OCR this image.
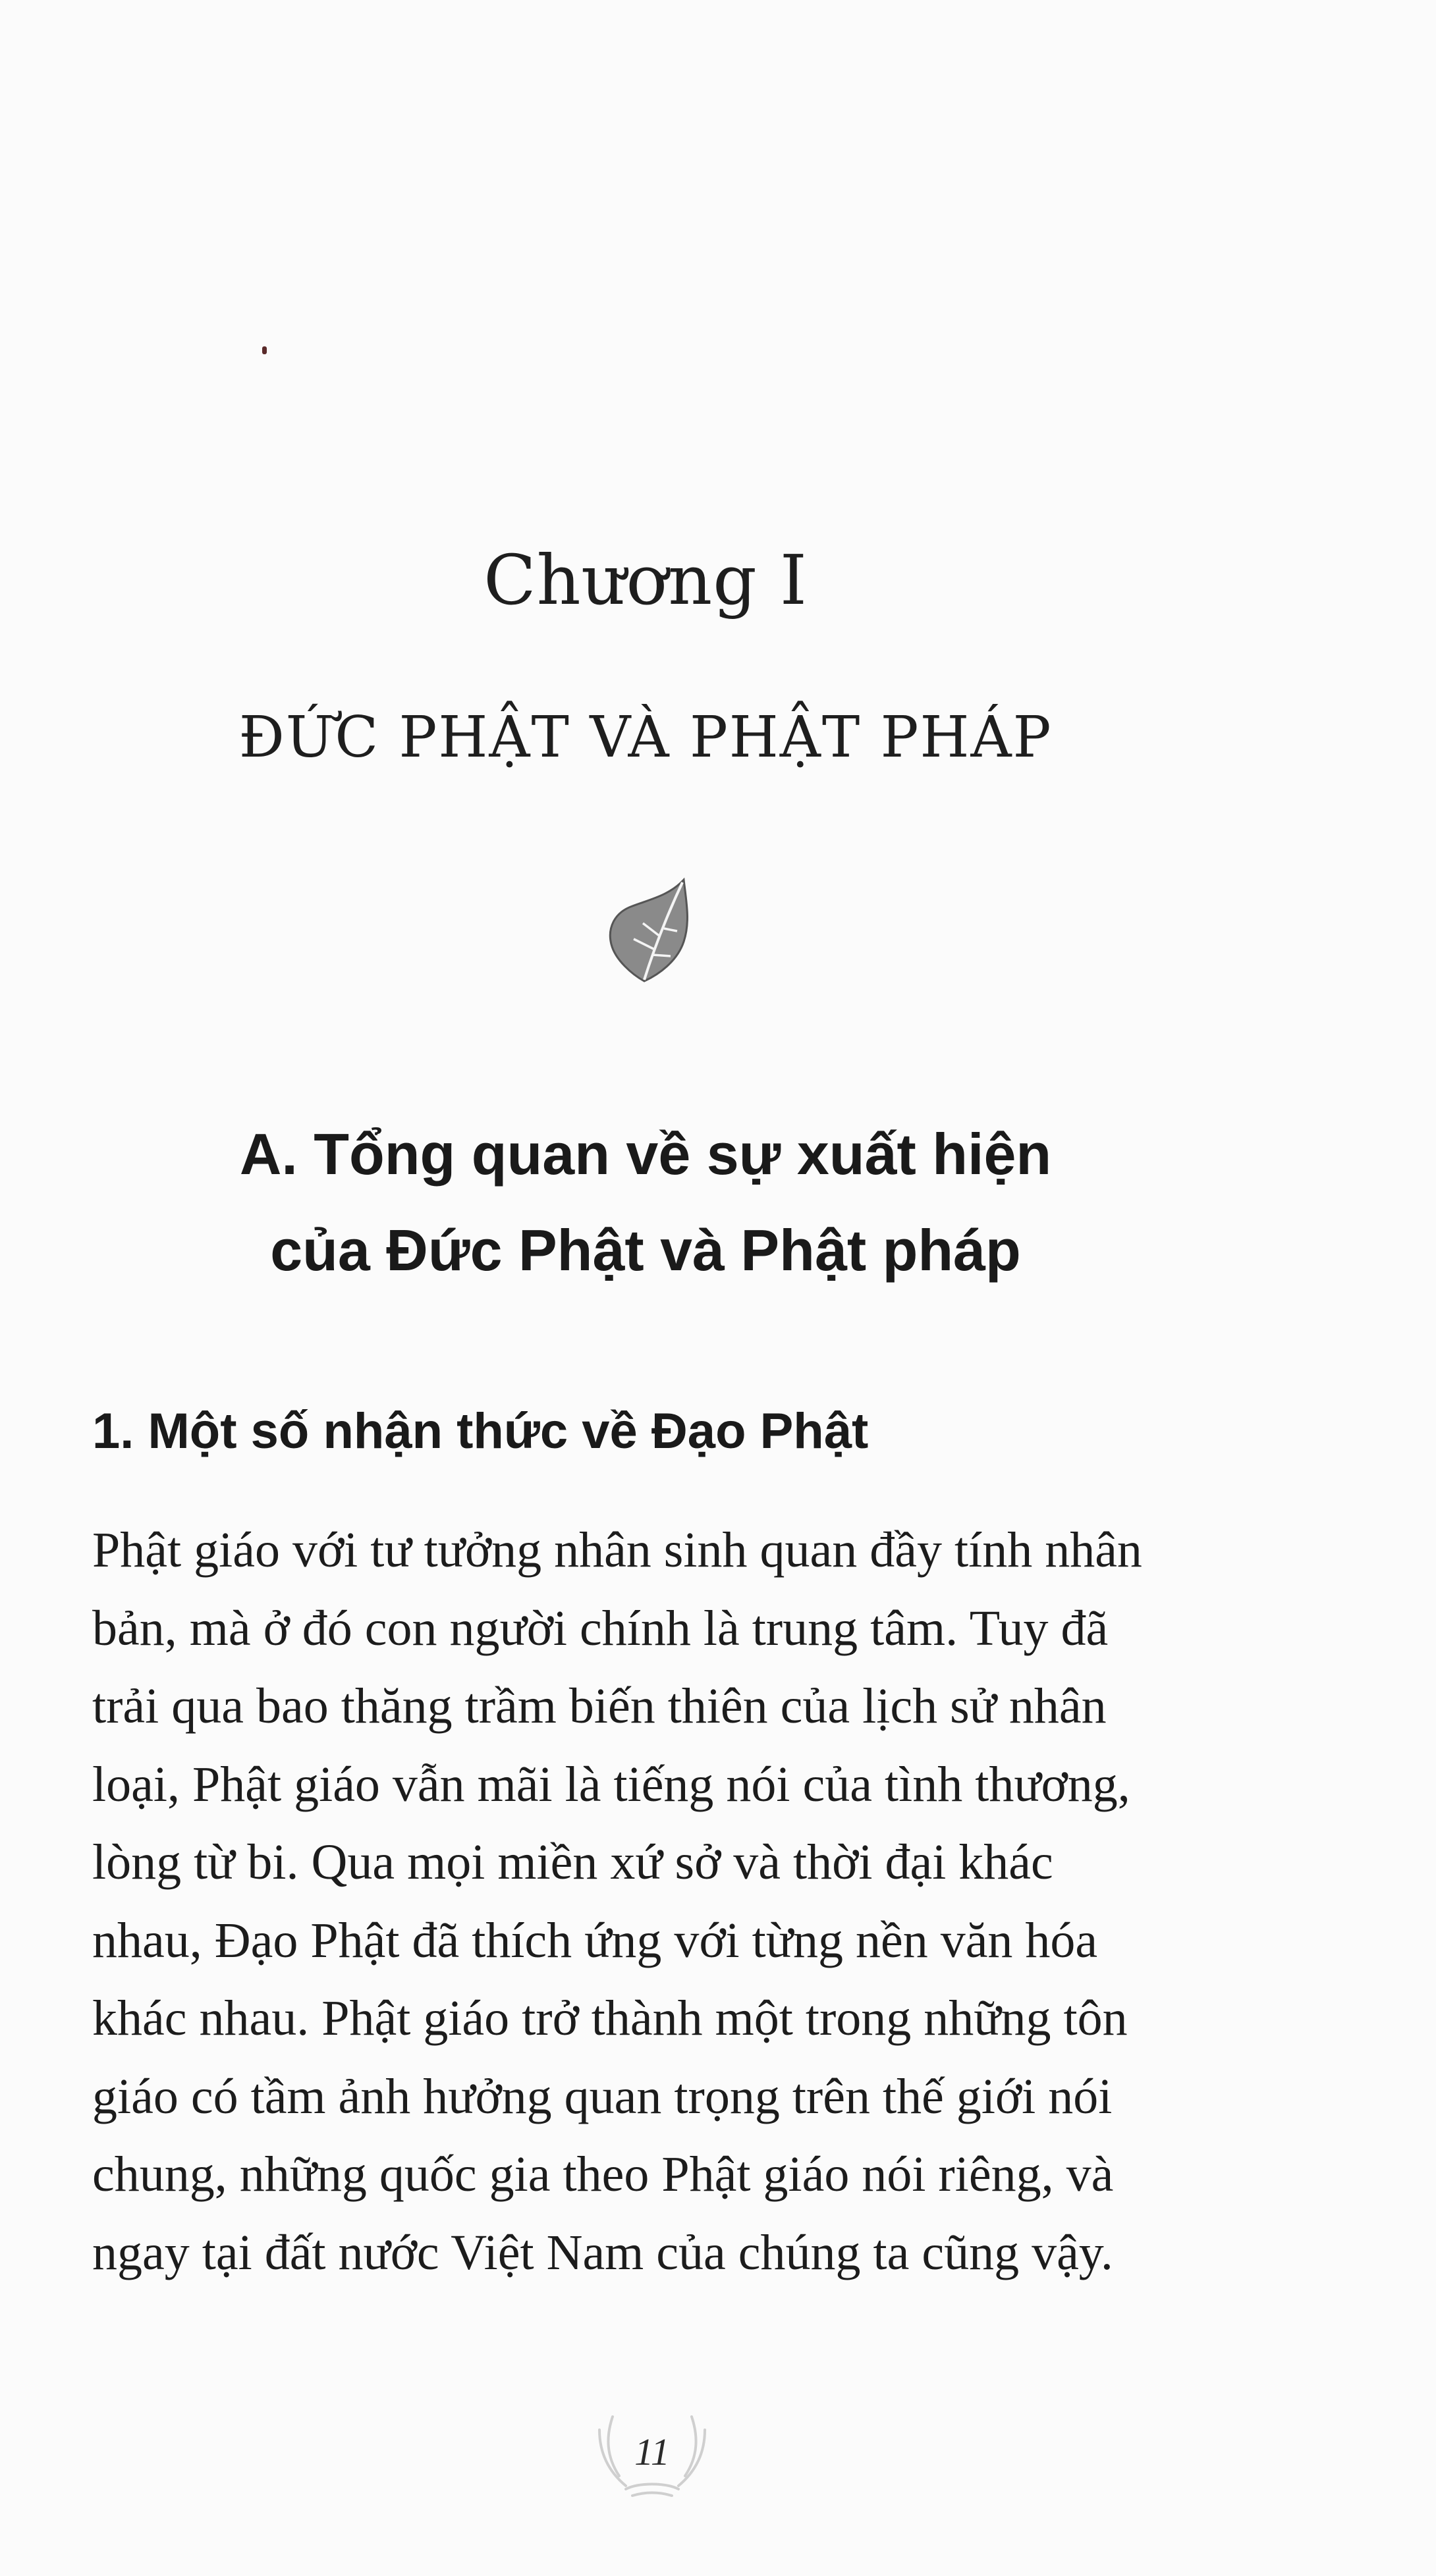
Chương I
ĐỨC PHẬT VÀ PHẬT PHÁP
A. Tổng quan về sự xuất hiện
của Đức Phật và Phật pháp
1. Một số nhận thức về Đạo Phật
Phật giáo với tư tưởng nhân sinh quan đầy tính nhân
bản, mà ở đó con người chính là trung tâm. Tuy đã
trải qua bao thăng trầm biến thiên của lịch sử nhân
loại, Phật giáo vẫn mãi là tiếng nói của tình thương,
lòng từ bi. Qua mọi miền xứ sở và thời đại khác
nhau, Đạo Phật đã thích ứng với từng nền văn hóa
khác nhau. Phật giáo trở thành một trong những tôn
giáo có tầm ảnh hưởng quan trọng trên thế giới nói
chung, những quốc gia theo Phật giáo nói riêng, và
ngay tại đất nước Việt Nam của chúng ta cũng vậy.
11
